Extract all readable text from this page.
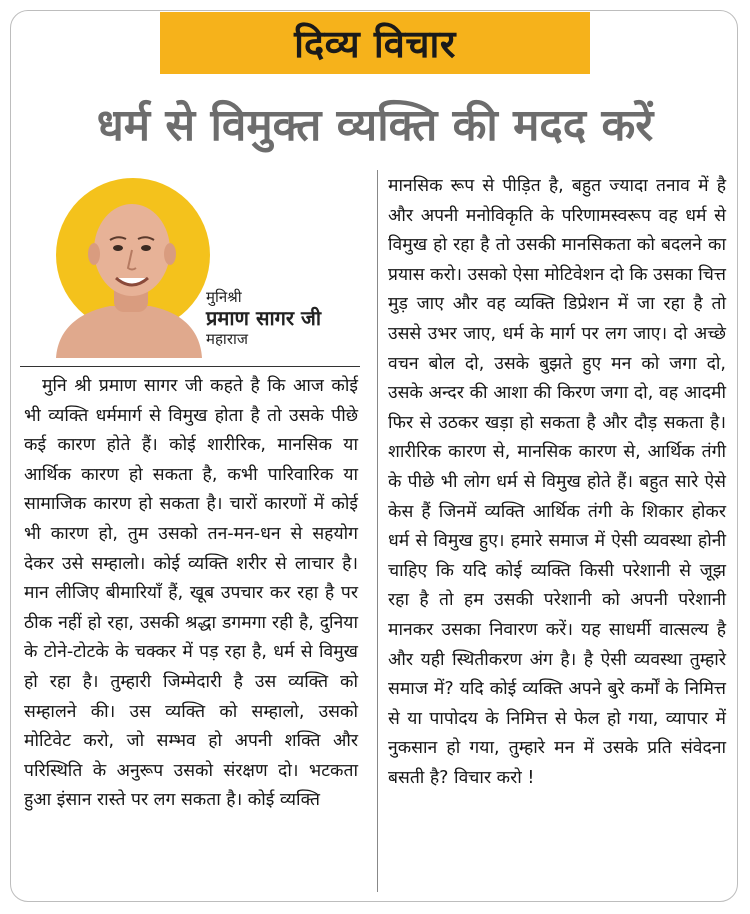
दिव्य विचार
धर्म से विमुक्त व्यक्ति की मदद करें
मुनिश्री
प्रमाण सागर जी
महाराज

मुनि श्री प्रमाण सागर जी कहते है कि आज कोई भी व्यक्ति धर्ममार्ग से विमुख होता है तो उसके पीछे कई कारण होते हैं। कोई शारीरिक, मानसिक या आर्थिक कारण हो सकता है, कभी पारिवारिक या सामाजिक कारण हो सकता है। चारों कारणों में कोई भी कारण हो, तुम उसको तन-मन-धन से सहयोग देकर उसे सम्हालो। कोई व्यक्ति शरीर से लाचार है। मान लीजिए बीमारियाँ हैं, खूब उपचार कर रहा है पर ठीक नहीं हो रहा, उसकी श्रद्धा डगमगा रही है, दुनिया के टोने-टोटके के चक्कर में पड़ रहा है, धर्म से विमुख हो रहा है। तुम्हारी जिम्मेदारी है उस व्यक्ति को सम्हालने की। उस व्यक्ति को सम्हालो, उसको मोटिवेट करो, जो सम्भव हो अपनी शक्ति और परिस्थिति के अनुरूप उसको संरक्षण दो। भटकता हुआ इंसान रास्ते पर लग सकता है। कोई व्यक्ति

मानसिक रूप से पीड़ित है, बहुत ज्यादा तनाव में है और अपनी मनोविकृति के परिणामस्वरूप वह धर्म से विमुख हो रहा है तो उसकी मानसिकता को बदलने का प्रयास करो। उसको ऐसा मोटिवेशन दो कि उसका चित्त मुड़ जाए और वह व्यक्ति डिप्रेशन में जा रहा है तो उससे उभर जाए, धर्म के मार्ग पर लग जाए। दो अच्छे वचन बोल दो, उसके बुझते हुए मन को जगा दो, उसके अन्दर की आशा की किरण जगा दो, वह आदमी फिर से उठकर खड़ा हो सकता है और दौड़ सकता है। शारीरिक कारण से, मानसिक कारण से, आर्थिक तंगी के पीछे भी लोग धर्म से विमुख होते हैं। बहुत सारे ऐसे केस हैं जिनमें व्यक्ति आर्थिक तंगी के शिकार होकर धर्म से विमुख हुए। हमारे समाज में ऐसी व्यवस्था होनी चाहिए कि यदि कोई व्यक्ति किसी परेशानी से जूझ रहा है तो हम उसकी परेशानी को अपनी परेशानी मानकर उसका निवारण करें। यह साधर्मी वात्सल्य है और यही स्थितीकरण अंग है। है ऐसी व्यवस्था तुम्हारे समाज में? यदि कोई व्यक्ति अपने बुरे कर्मों के निमित्त से या पापोदय के निमित्त से फेल हो गया, व्यापार में नुकसान हो गया, तुम्हारे मन में उसके प्रति संवेदना बसती है? विचार करो !
